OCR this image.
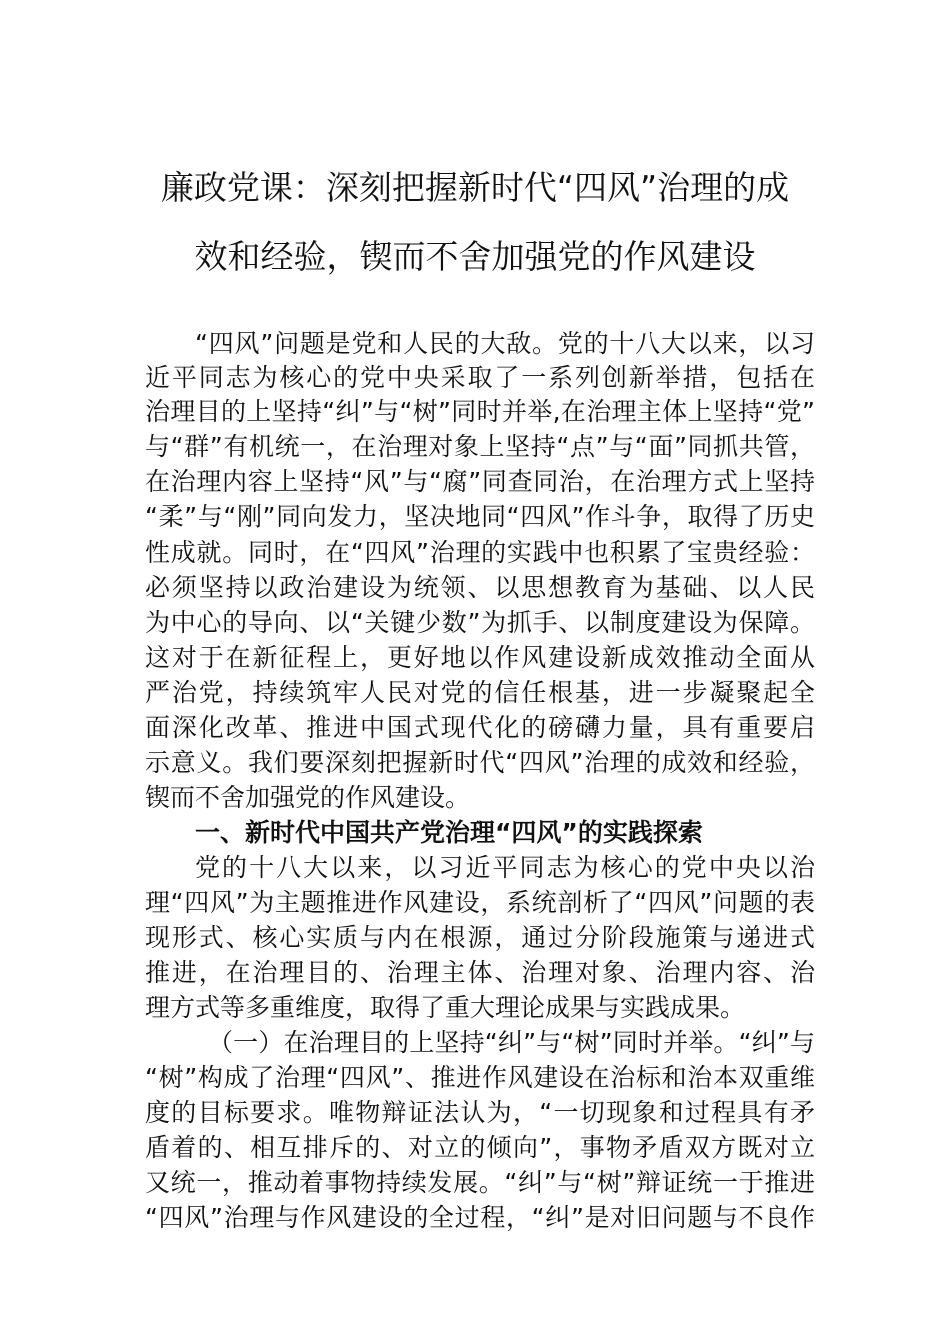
廉政党课：深刻把握新时代“四风”治理的成
效和经验，锲而不舍加强党的作风建设
“四风”问题是党和人民的大敌。党的十八大以来，以习
近平同志为核心的党中央采取了一系列创新举措，包括在
治理目的上坚持“纠”与“树”同时并举,在治理主体上坚持“党”
与“群”有机统一，在治理对象上坚持“点”与“面”同抓共管，
在治理内容上坚持“风”与“腐”同查同治，在治理方式上坚持
“柔”与“刚”同向发力，坚决地同“四风”作斗争，取得了历史
性成就。同时，在“四风”治理的实践中也积累了宝贵经验：
必须坚持以政治建设为统领、以思想教育为基础、以人民
为中心的导向、以“关键少数”为抓手、以制度建设为保障。
这对于在新征程上，更好地以作风建设新成效推动全面从
严治党，持续筑牢人民对党的信任根基，进一步凝聚起全
面深化改革、推进中国式现代化的磅礴力量，具有重要启
示意义。我们要深刻把握新时代“四风”治理的成效和经验，
锲而不舍加强党的作风建设。
一、新时代中国共产党治理“四风”的实践探索
党的十八大以来，以习近平同志为核心的党中央以治
理“四风”为主题推进作风建设，系统剖析了“四风”问题的表
现形式、核心实质与内在根源，通过分阶段施策与递进式
推进，在治理目的、治理主体、治理对象、治理内容、治
理方式等多重维度，取得了重大理论成果与实践成果。
（一）在治理目的上坚持“纠”与“树”同时并举。“纠”与
“树”构成了治理“四风”、推进作风建设在治标和治本双重维
度的目标要求。唯物辩证法认为，“一切现象和过程具有矛
盾着的、相互排斥的、对立的倾向”，事物矛盾双方既对立
又统一，推动着事物持续发展。“纠”与“树”辩证统一于推进
“四风”治理与作风建设的全过程，“纠”是对旧问题与不良作
